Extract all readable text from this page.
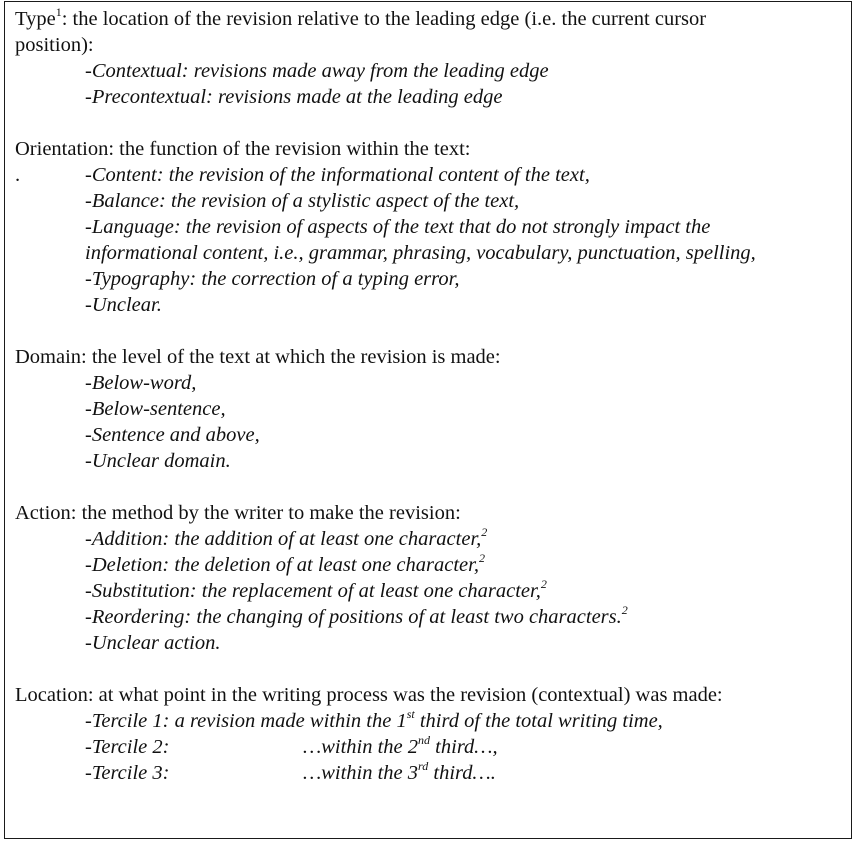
Type$^1$: the location of the revision relative to the leading edge (i.e. the current cursor
position):
-Contextual: revisions made away from the leading edge
-Precontextual: revisions made at the leading edge
Orientation: the function of the revision within the text:
.	-Content: the revision of the informational content of the text,
-Balance: the revision of a stylistic aspect of the text,
-Language: the revision of aspects of the text that do not strongly impact the
informational content, i.e., grammar, phrasing, vocabulary, punctuation, spelling,
-Typography: the correction of a typing error,
-Unclear.
Domain: the level of the text at which the revision is made:
-Below-word,
-Below-sentence,
-Sentence and above,
-Unclear domain.
Action: the method by the writer to make the revision:
-Addition: the addition of at least one character,$^2$
-Deletion: the deletion of at least one character,$^2$
-Substitution: the replacement of at least one character,$^2$
-Reordering: the changing of positions of at least two characters.$^2$
-Unclear action.
Location: at what point in the writing process was the revision (contextual) was made:
-Tercile 1: a revision made within the 1st third of the total writing time,
-Tercile 2:	…within the 2nd third…,
-Tercile 3:	…within the 3rd third….
